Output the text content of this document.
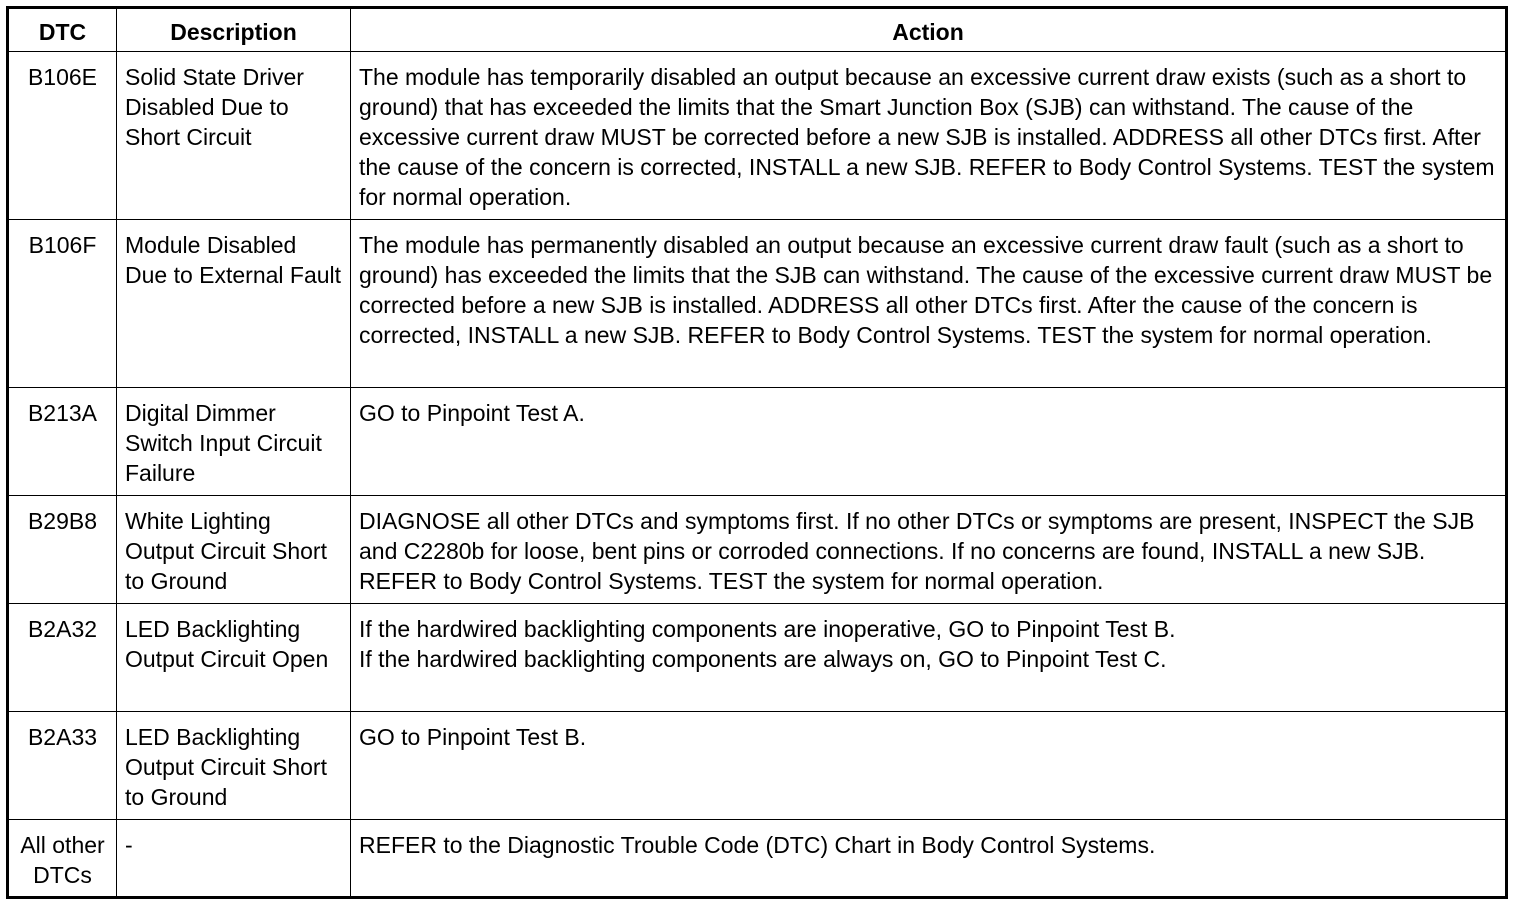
DTC	Description	Action
B106E	Solid State Driver Disabled Due to Short Circuit	The module has temporarily disabled an output because an excessive current draw exists (such as a short to ground) that has exceeded the limits that the Smart Junction Box (SJB) can withstand. The cause of the excessive current draw MUST be corrected before a new SJB is installed. ADDRESS all other DTCs first. After the cause of the concern is corrected, INSTALL a new SJB. REFER to Body Control Systems. TEST the system for normal operation.
B106F	Module Disabled Due to External Fault	The module has permanently disabled an output because an excessive current draw fault (such as a short to ground) has exceeded the limits that the SJB can withstand. The cause of the excessive current draw MUST be corrected before a new SJB is installed. ADDRESS all other DTCs first. After the cause of the concern is corrected, INSTALL a new SJB. REFER to Body Control Systems. TEST the system for normal operation.
B213A	Digital Dimmer Switch Input Circuit Failure	GO to Pinpoint Test A.
B29B8	White Lighting Output Circuit Short to Ground	DIAGNOSE all other DTCs and symptoms first. If no other DTCs or symptoms are present, INSPECT the SJB and C2280b for loose, bent pins or corroded connections. If no concerns are found, INSTALL a new SJB. REFER to Body Control Systems. TEST the system for normal operation.
B2A32	LED Backlighting Output Circuit Open	If the hardwired backlighting components are inoperative, GO to Pinpoint Test B.
If the hardwired backlighting components are always on, GO to Pinpoint Test C.
B2A33	LED Backlighting Output Circuit Short to Ground	GO to Pinpoint Test B.
All other DTCs	-	REFER to the Diagnostic Trouble Code (DTC) Chart in Body Control Systems.
